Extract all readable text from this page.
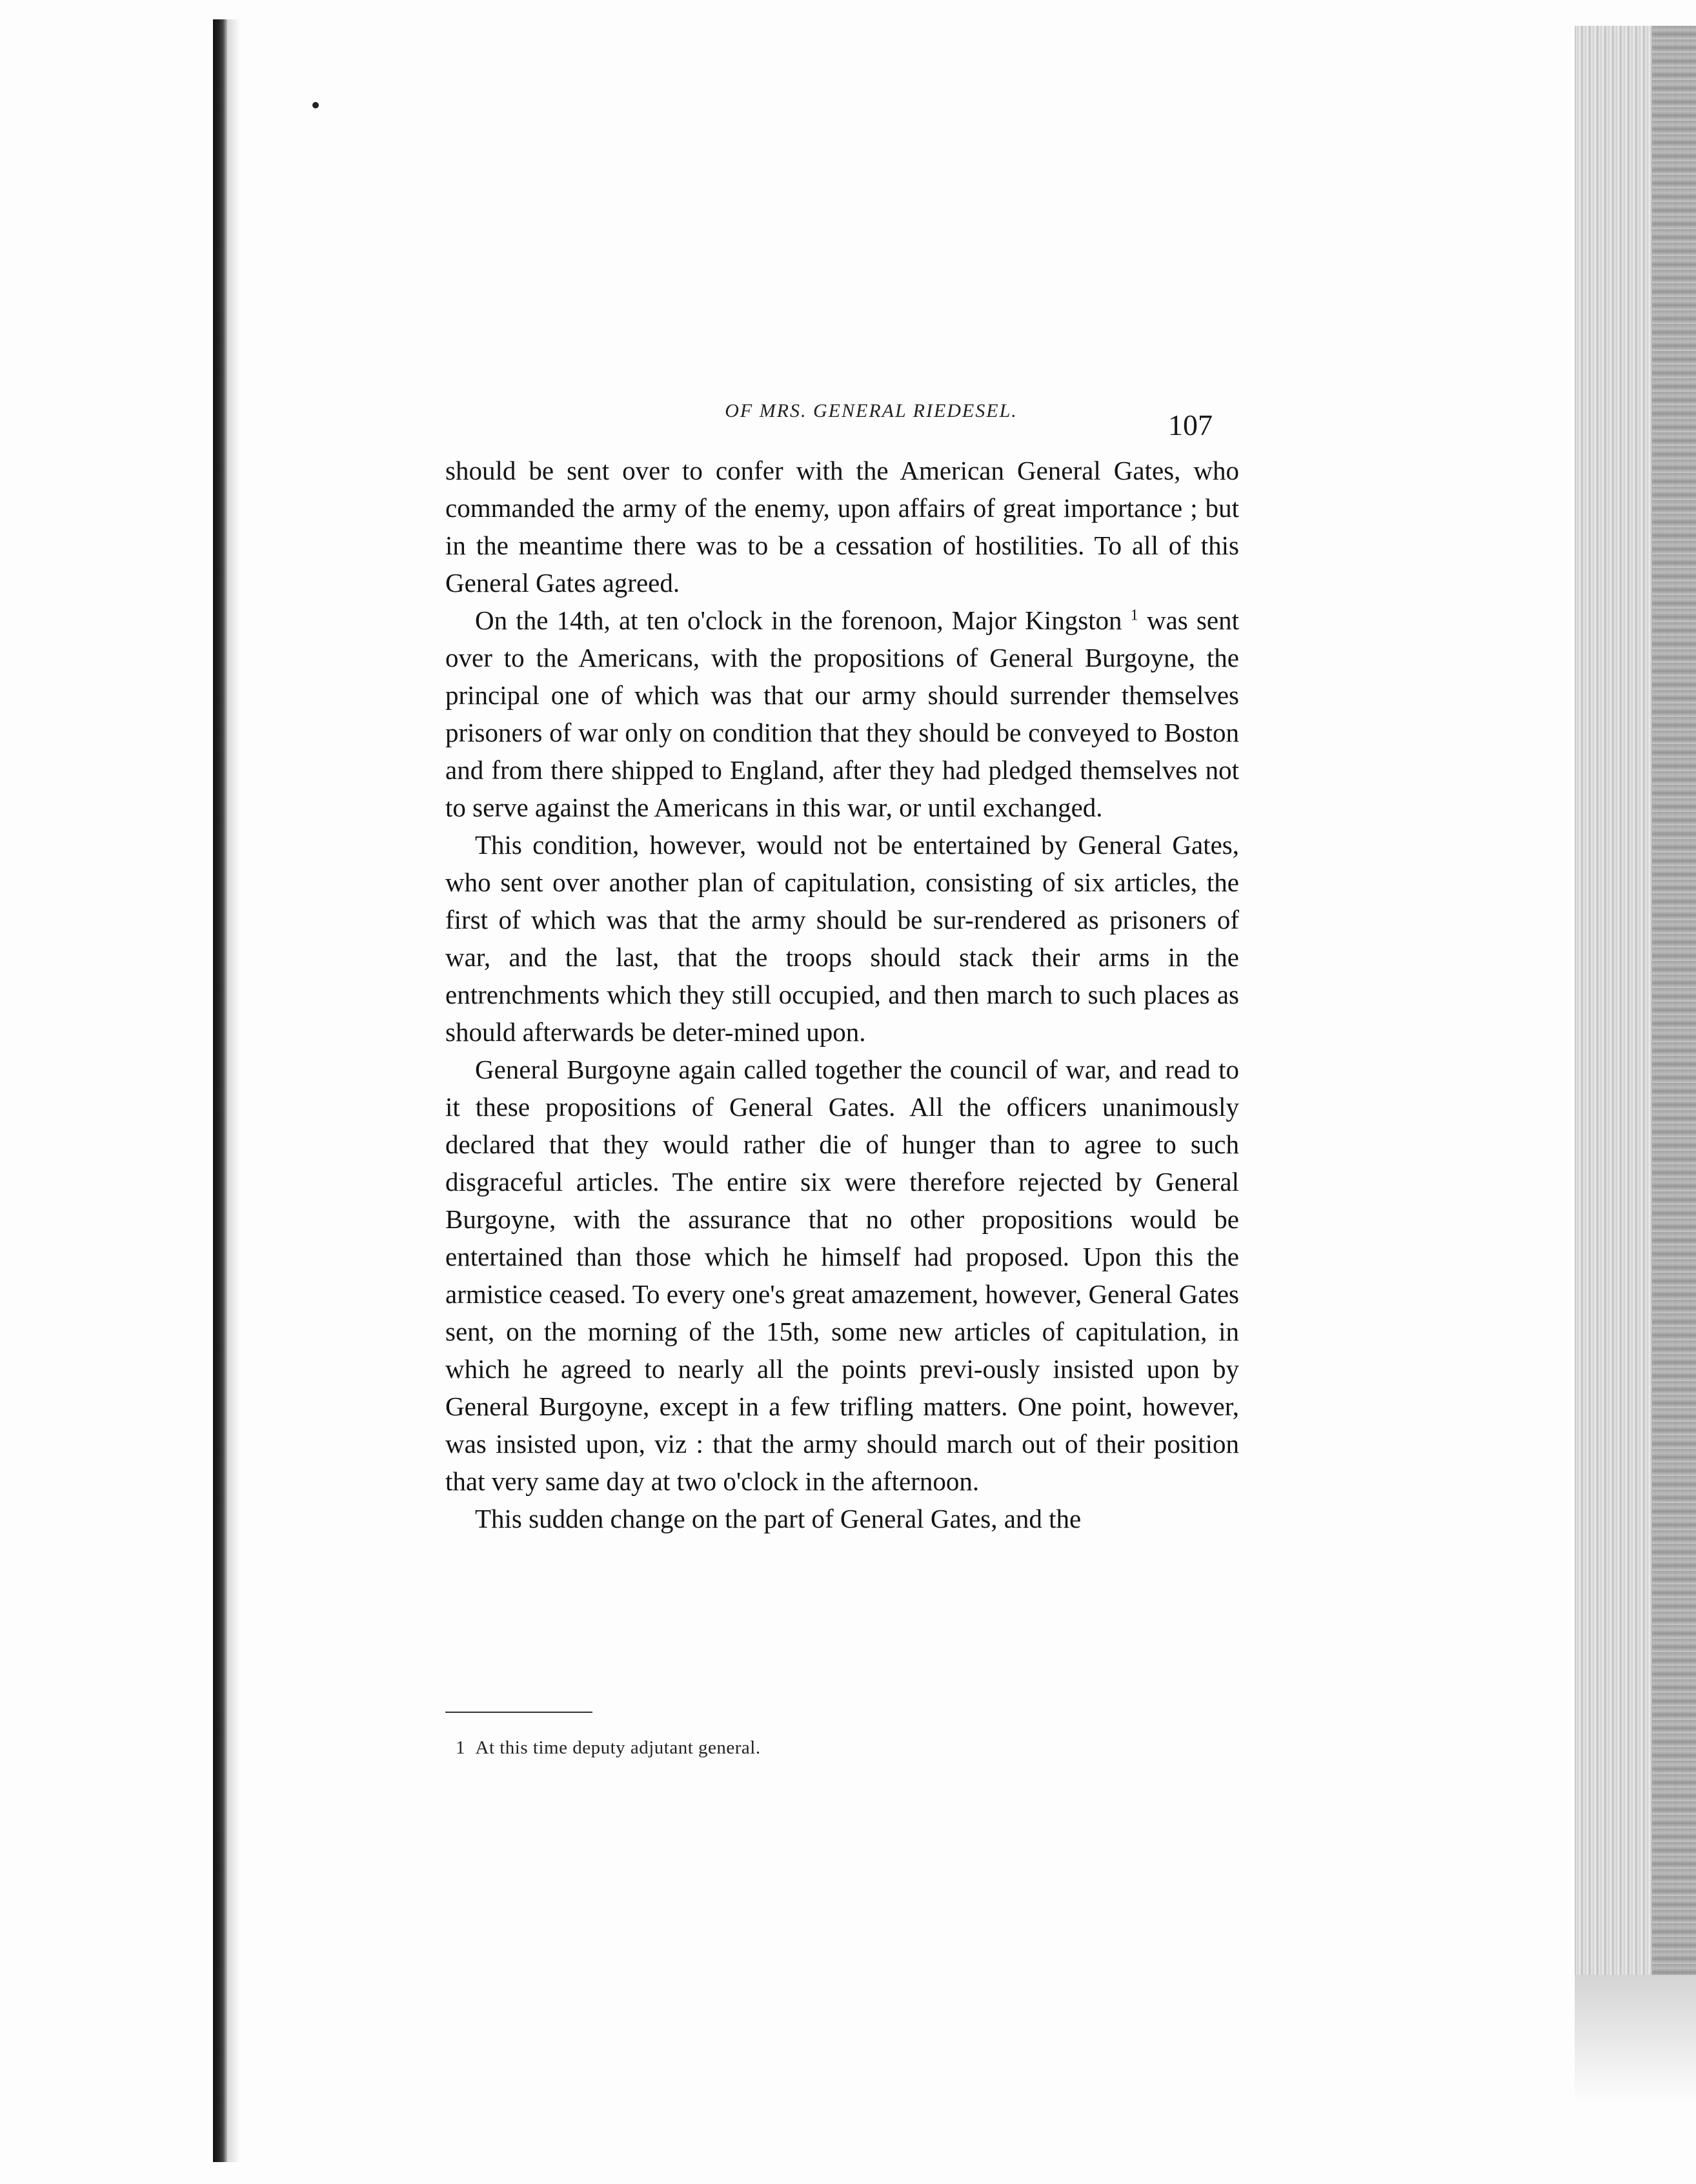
OF MRS. GENERAL RIEDESEL.	107

should be sent over to confer with the American General Gates, who commanded the army of the enemy, upon affairs of great importance ; but in the meantime there was to be a cessation of hostilities. To all of this General Gates agreed.

On the 14th, at ten o'clock in the forenoon, Major Kingston $^1$ was sent over to the Americans, with the propositions of General Burgoyne, the principal one of which was that our army should surrender themselves prisoners of war only on condition that they should be conveyed to Boston and from there shipped to England, after they had pledged themselves not to serve against the Americans in this war, or until exchanged.

This condition, however, would not be entertained by General Gates, who sent over another plan of capitulation, consisting of six articles, the first of which was that the army should be sur-rendered as prisoners of war, and the last, that the troops should stack their arms in the entrenchments which they still occupied, and then march to such places as should afterwards be deter-mined upon.

General Burgoyne again called together the council of war, and read to it these propositions of General Gates. All the officers unanimously declared that they would rather die of hunger than to agree to such disgraceful articles. The entire six were therefore rejected by General Burgoyne, with the assurance that no other propositions would be entertained than those which he himself had proposed. Upon this the armistice ceased. To every one's great amazement, however, General Gates sent, on the morning of the 15th, some new articles of capitulation, in which he agreed to nearly all the points previ-ously insisted upon by General Burgoyne, except in a few trifling matters. One point, however, was insisted upon, viz : that the army should march out of their position that very same day at two o'clock in the afternoon.

This sudden change on the part of General Gates, and the

1 At this time deputy adjutant general.
